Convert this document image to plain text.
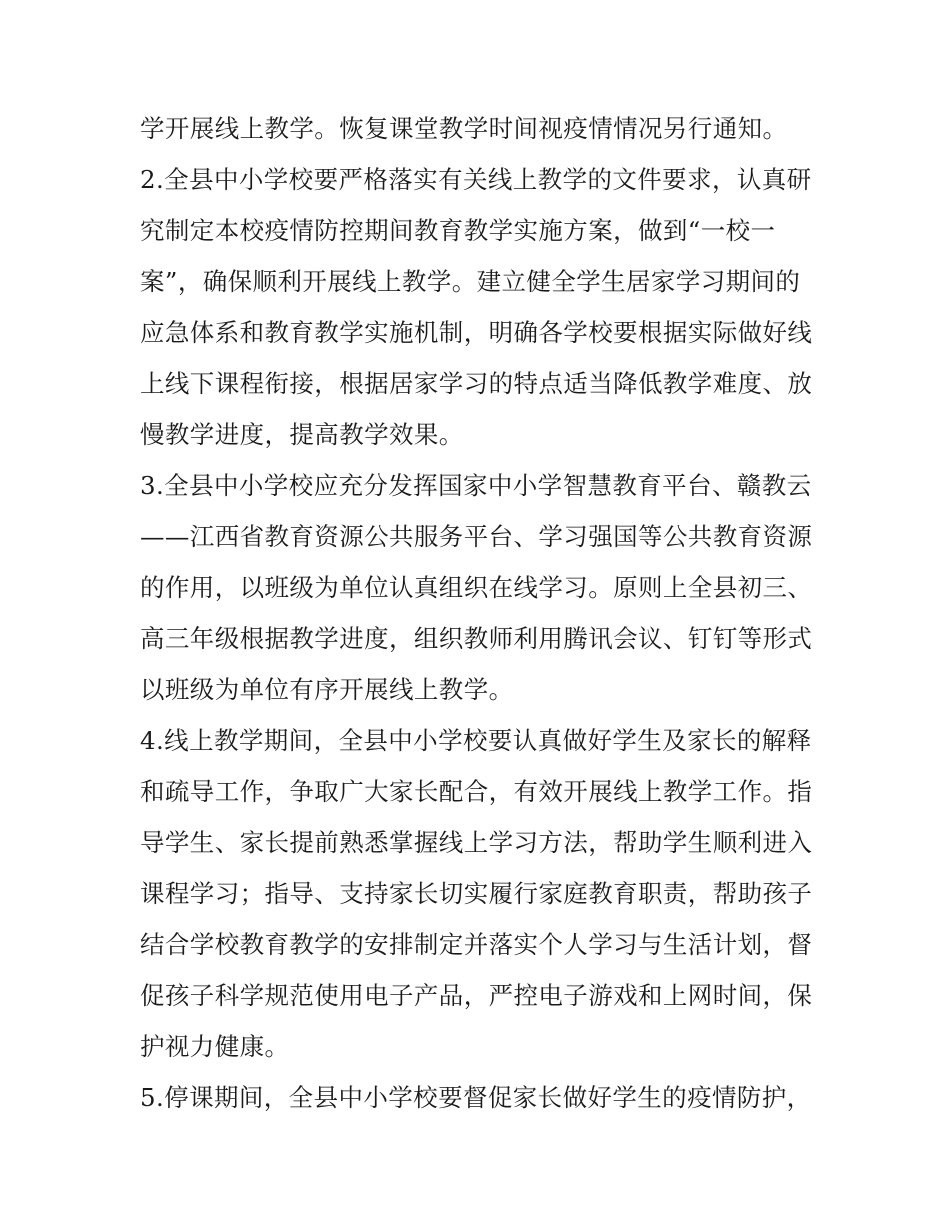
学开展线上教学。恢复课堂教学时间视疫情情况另行通知。
2.全县中小学校要严格落实有关线上教学的文件要求，认真研
究制定本校疫情防控期间教育教学实施方案，做到“一校一
案”，确保顺利开展线上教学。建立健全学生居家学习期间的
应急体系和教育教学实施机制，明确各学校要根据实际做好线
上线下课程衔接，根据居家学习的特点适当降低教学难度、放
慢教学进度，提高教学效果。
3.全县中小学校应充分发挥国家中小学智慧教育平台、赣教云
——江西省教育资源公共服务平台、学习强国等公共教育资源
的作用，以班级为单位认真组织在线学习。原则上全县初三、
高三年级根据教学进度，组织教师利用腾讯会议、钉钉等形式
以班级为单位有序开展线上教学。
4.线上教学期间，全县中小学校要认真做好学生及家长的解释
和疏导工作，争取广大家长配合，有效开展线上教学工作。指
导学生、家长提前熟悉掌握线上学习方法，帮助学生顺利进入
课程学习；指导、支持家长切实履行家庭教育职责，帮助孩子
结合学校教育教学的安排制定并落实个人学习与生活计划，督
促孩子科学规范使用电子产品，严控电子游戏和上网时间，保
护视力健康。
5.停课期间，全县中小学校要督促家长做好学生的疫情防护，
